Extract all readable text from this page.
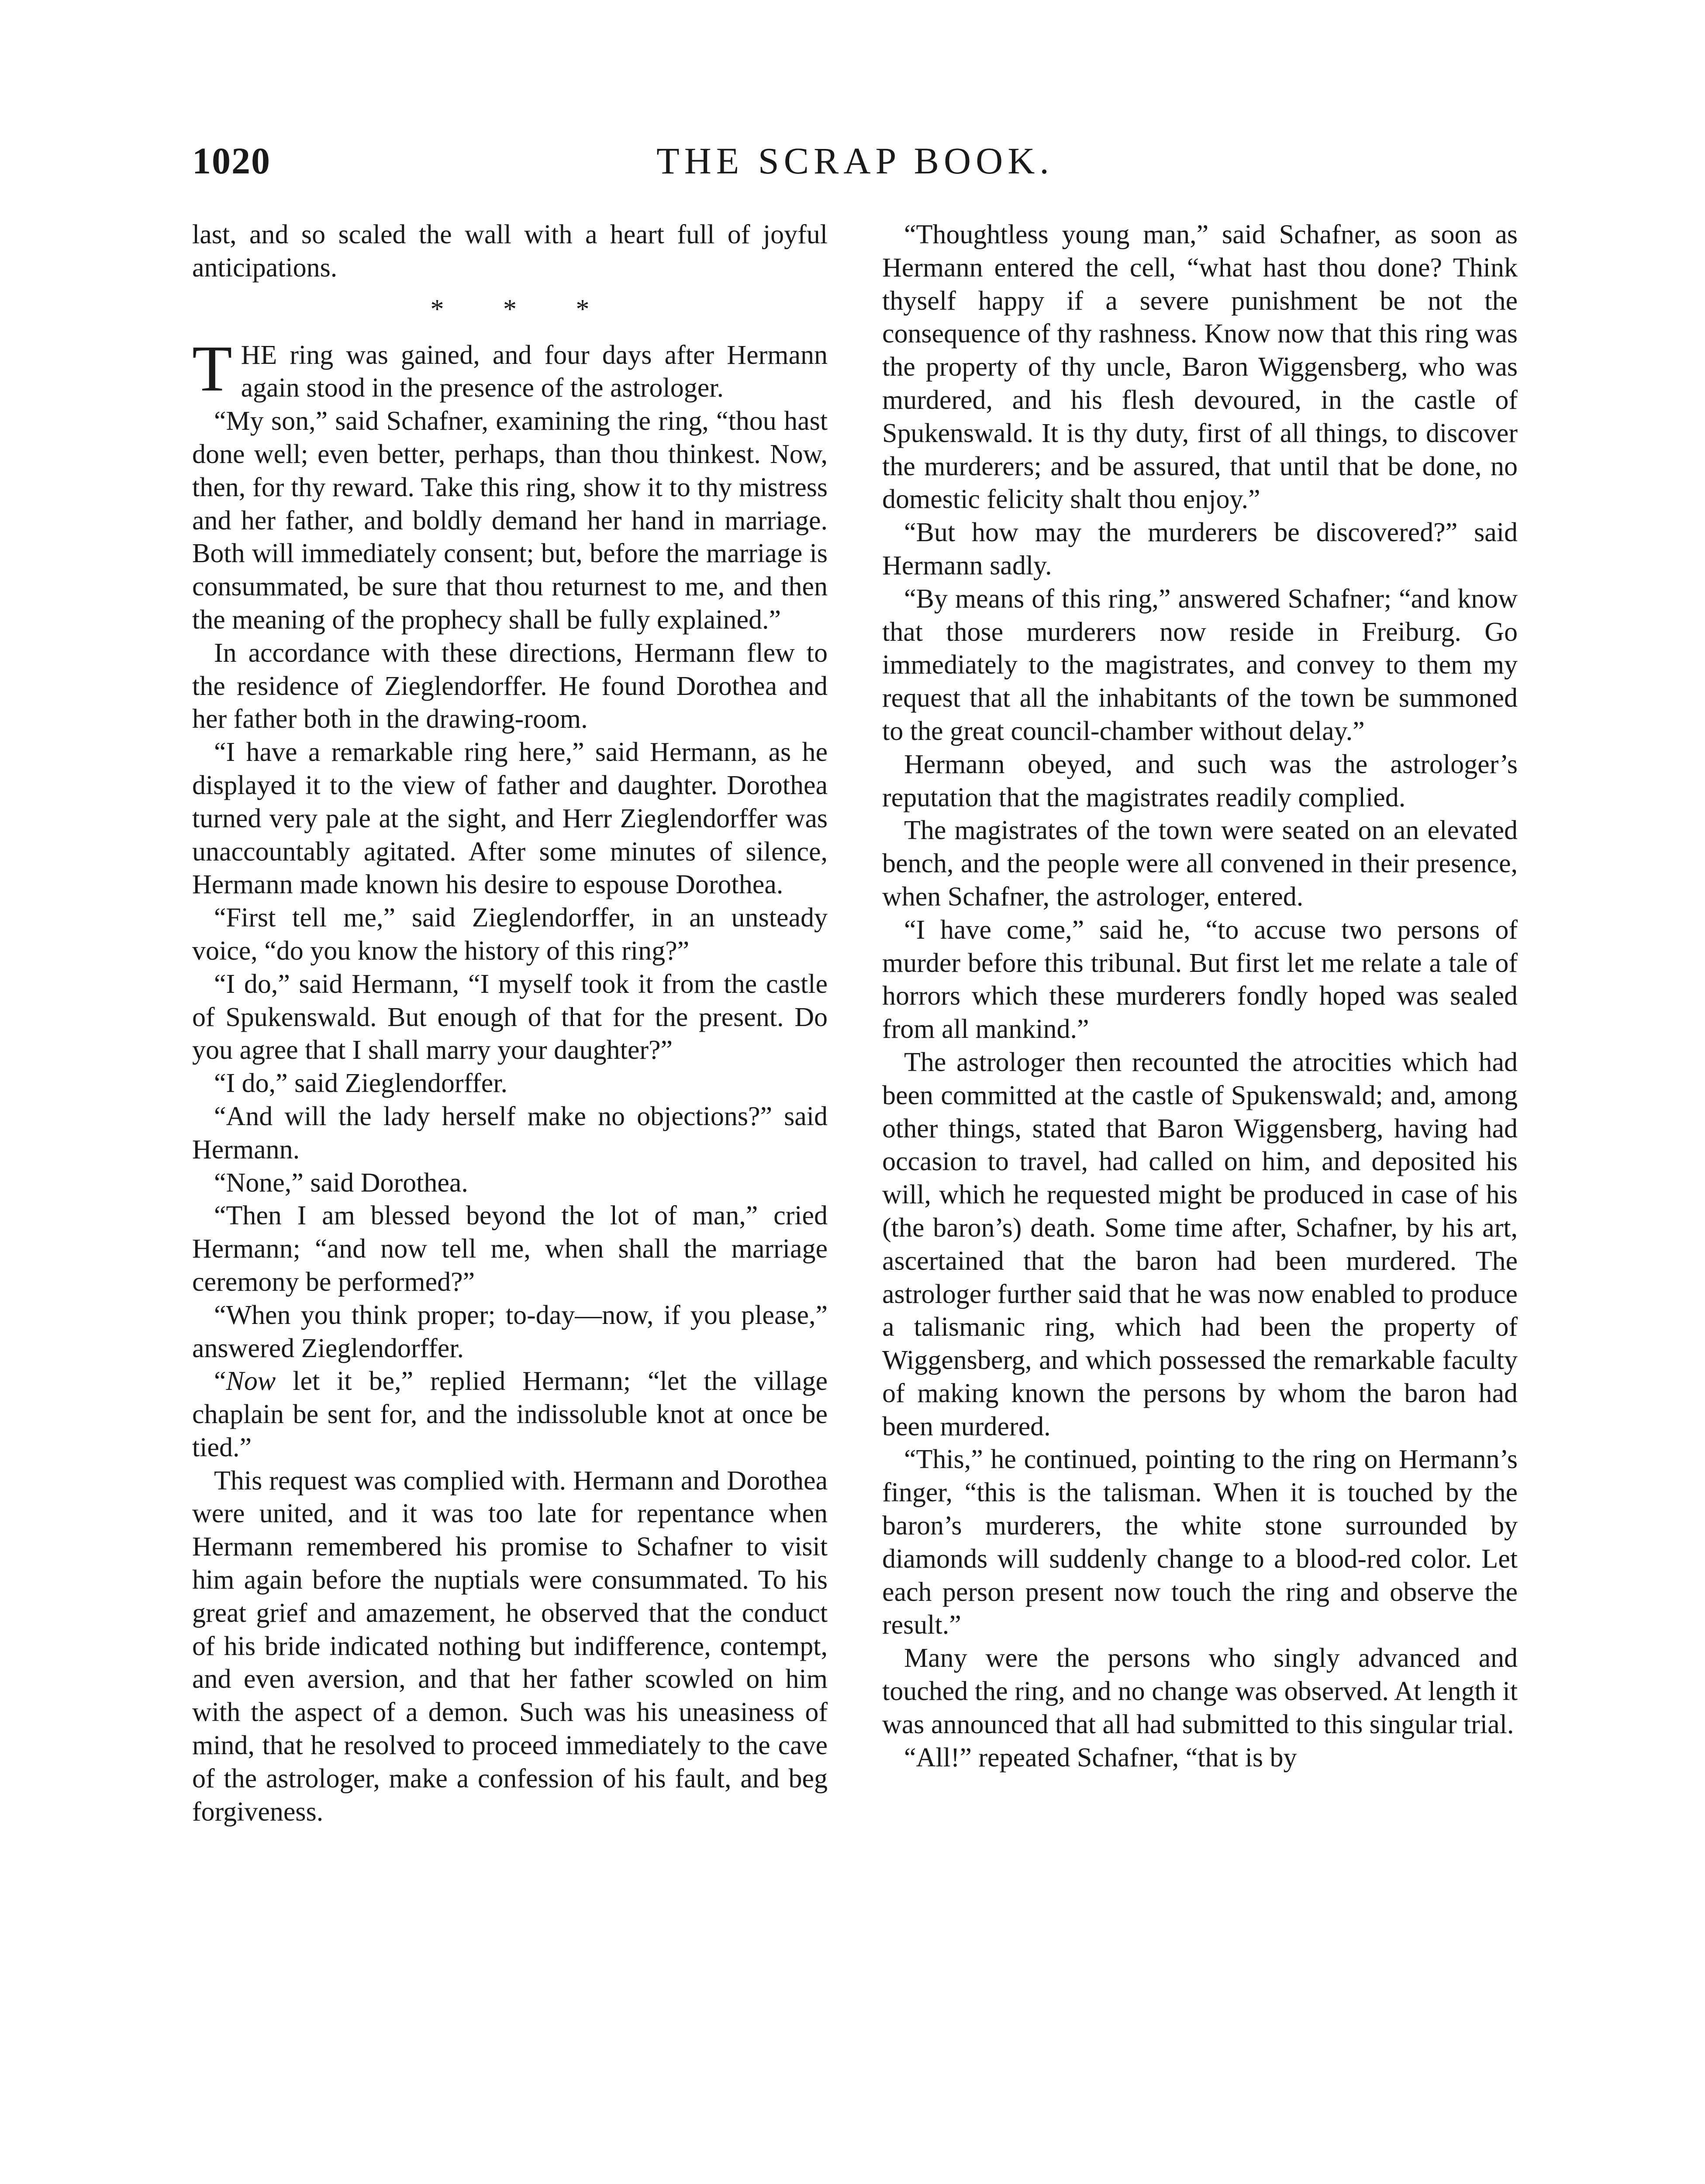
1020	THE SCRAP BOOK.

last, and so scaled the wall with a heart full of joyful anticipations.

* * *

THE ring was gained, and four days after Hermann again stood in the presence of the astrologer.

“My son,” said Schafner, examining the ring, “thou hast done well; even better, perhaps, than thou thinkest. Now, then, for thy reward. Take this ring, show it to thy mistress and her father, and boldly demand her hand in marriage. Both will immediately consent; but, before the marriage is consummated, be sure that thou returnest to me, and then the meaning of the prophecy shall be fully explained.”

In accordance with these directions, Hermann flew to the residence of Zieglendorffer. He found Dorothea and her father both in the drawing-room.

“I have a remarkable ring here,” said Hermann, as he displayed it to the view of father and daughter. Dorothea turned very pale at the sight, and Herr Zieglendorffer was unaccountably agitated. After some minutes of silence, Hermann made known his desire to espouse Dorothea.

“First tell me,” said Zieglendorffer, in an unsteady voice, “do you know the history of this ring?”

“I do,” said Hermann, “I myself took it from the castle of Spukenswald. But enough of that for the present. Do you agree that I shall marry your daughter?”

“I do,” said Zieglendorffer.

“And will the lady herself make no objections?” said Hermann.

“None,” said Dorothea.

“Then I am blessed beyond the lot of man,” cried Hermann; “and now tell me, when shall the marriage ceremony be performed?”

“When you think proper; to-day—now, if you please,” answered Zieglendorffer.

“Now let it be,” replied Hermann; “let the village chaplain be sent for, and the indissoluble knot at once be tied.”

This request was complied with. Hermann and Dorothea were united, and it was too late for repentance when Hermann remembered his promise to Schafner to visit him again before the nuptials were consummated. To his great grief and amazement, he observed that the conduct of his bride indicated nothing but indifference, contempt, and even aversion, and that her father scowled on him with the aspect of a demon. Such was his uneasiness of mind, that he resolved to proceed immediately to the cave of the astrologer, make a confession of his fault, and beg forgiveness.

“Thoughtless young man,” said Schafner, as soon as Hermann entered the cell, “what hast thou done? Think thyself happy if a severe punishment be not the consequence of thy rashness. Know now that this ring was the property of thy uncle, Baron Wiggensberg, who was murdered, and his flesh devoured, in the castle of Spukenswald. It is thy duty, first of all things, to discover the murderers; and be assured, that until that be done, no domestic felicity shalt thou enjoy.”

“But how may the murderers be discovered?” said Hermann sadly.

“By means of this ring,” answered Schafner; “and know that those murderers now reside in Freiburg. Go immediately to the magistrates, and convey to them my request that all the inhabitants of the town be summoned to the great council-chamber without delay.”

Hermann obeyed, and such was the astrologer’s reputation that the magistrates readily complied.

The magistrates of the town were seated on an elevated bench, and the people were all convened in their presence, when Schafner, the astrologer, entered.

“I have come,” said he, “to accuse two persons of murder before this tribunal. But first let me relate a tale of horrors which these murderers fondly hoped was sealed from all mankind.”

The astrologer then recounted the atrocities which had been committed at the castle of Spukenswald; and, among other things, stated that Baron Wiggensberg, having had occasion to travel, had called on him, and deposited his will, which he requested might be produced in case of his (the baron’s) death. Some time after, Schafner, by his art, ascertained that the baron had been murdered. The astrologer further said that he was now enabled to produce a talismanic ring, which had been the property of Wiggensberg, and which possessed the remarkable faculty of making known the persons by whom the baron had been murdered.

“This,” he continued, pointing to the ring on Hermann’s finger, “this is the talisman. When it is touched by the baron’s murderers, the white stone surrounded by diamonds will suddenly change to a blood-red color. Let each person present now touch the ring and observe the result.”

Many were the persons who singly advanced and touched the ring, and no change was observed. At length it was announced that all had submitted to this singular trial.

“All!” repeated Schafner, “that is by
